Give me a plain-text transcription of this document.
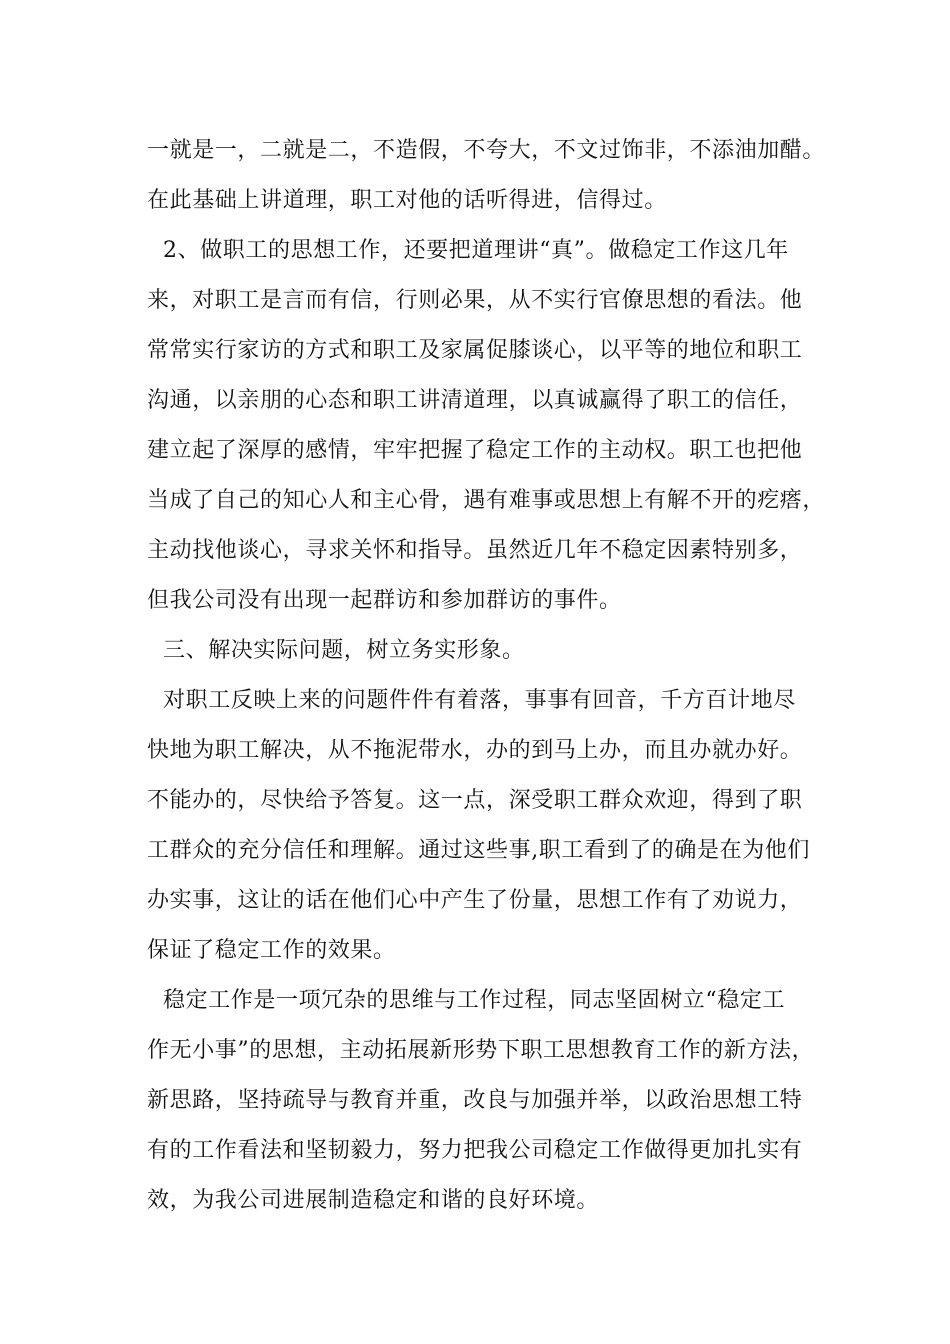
一就是一，二就是二，不造假，不夸大，不文过饰非，不添油加醋。
在此基础上讲道理，职工对他的话听得进，信得过。
2、做职工的思想工作，还要把道理讲“真”。做稳定工作这几年
来，对职工是言而有信，行则必果，从不实行官僚思想的看法。他
常常实行家访的方式和职工及家属促膝谈心，以平等的地位和职工
沟通，以亲朋的心态和职工讲清道理，以真诚赢得了职工的信任，
建立起了深厚的感情，牢牢把握了稳定工作的主动权。职工也把他
当成了自己的知心人和主心骨，遇有难事或思想上有解不开的疙瘩，
主动找他谈心，寻求关怀和指导。虽然近几年不稳定因素特别多，
但我公司没有出现一起群访和参加群访的事件。
三、解决实际问题，树立务实形象。
对职工反映上来的问题件件有着落，事事有回音，千方百计地尽
快地为职工解决，从不拖泥带水，办的到马上办，而且办就办好。
不能办的，尽快给予答复。这一点，深受职工群众欢迎，得到了职
工群众的充分信任和理解。通过这些事,职工看到了的确是在为他们
办实事，这让的话在他们心中产生了份量，思想工作有了劝说力，
保证了稳定工作的效果。
稳定工作是一项冗杂的思维与工作过程，同志坚固树立“稳定工
作无小事”的思想，主动拓展新形势下职工思想教育工作的新方法，
新思路，坚持疏导与教育并重，改良与加强并举，以政治思想工特
有的工作看法和坚韧毅力，努力把我公司稳定工作做得更加扎实有
效，为我公司进展制造稳定和谐的良好环境。
